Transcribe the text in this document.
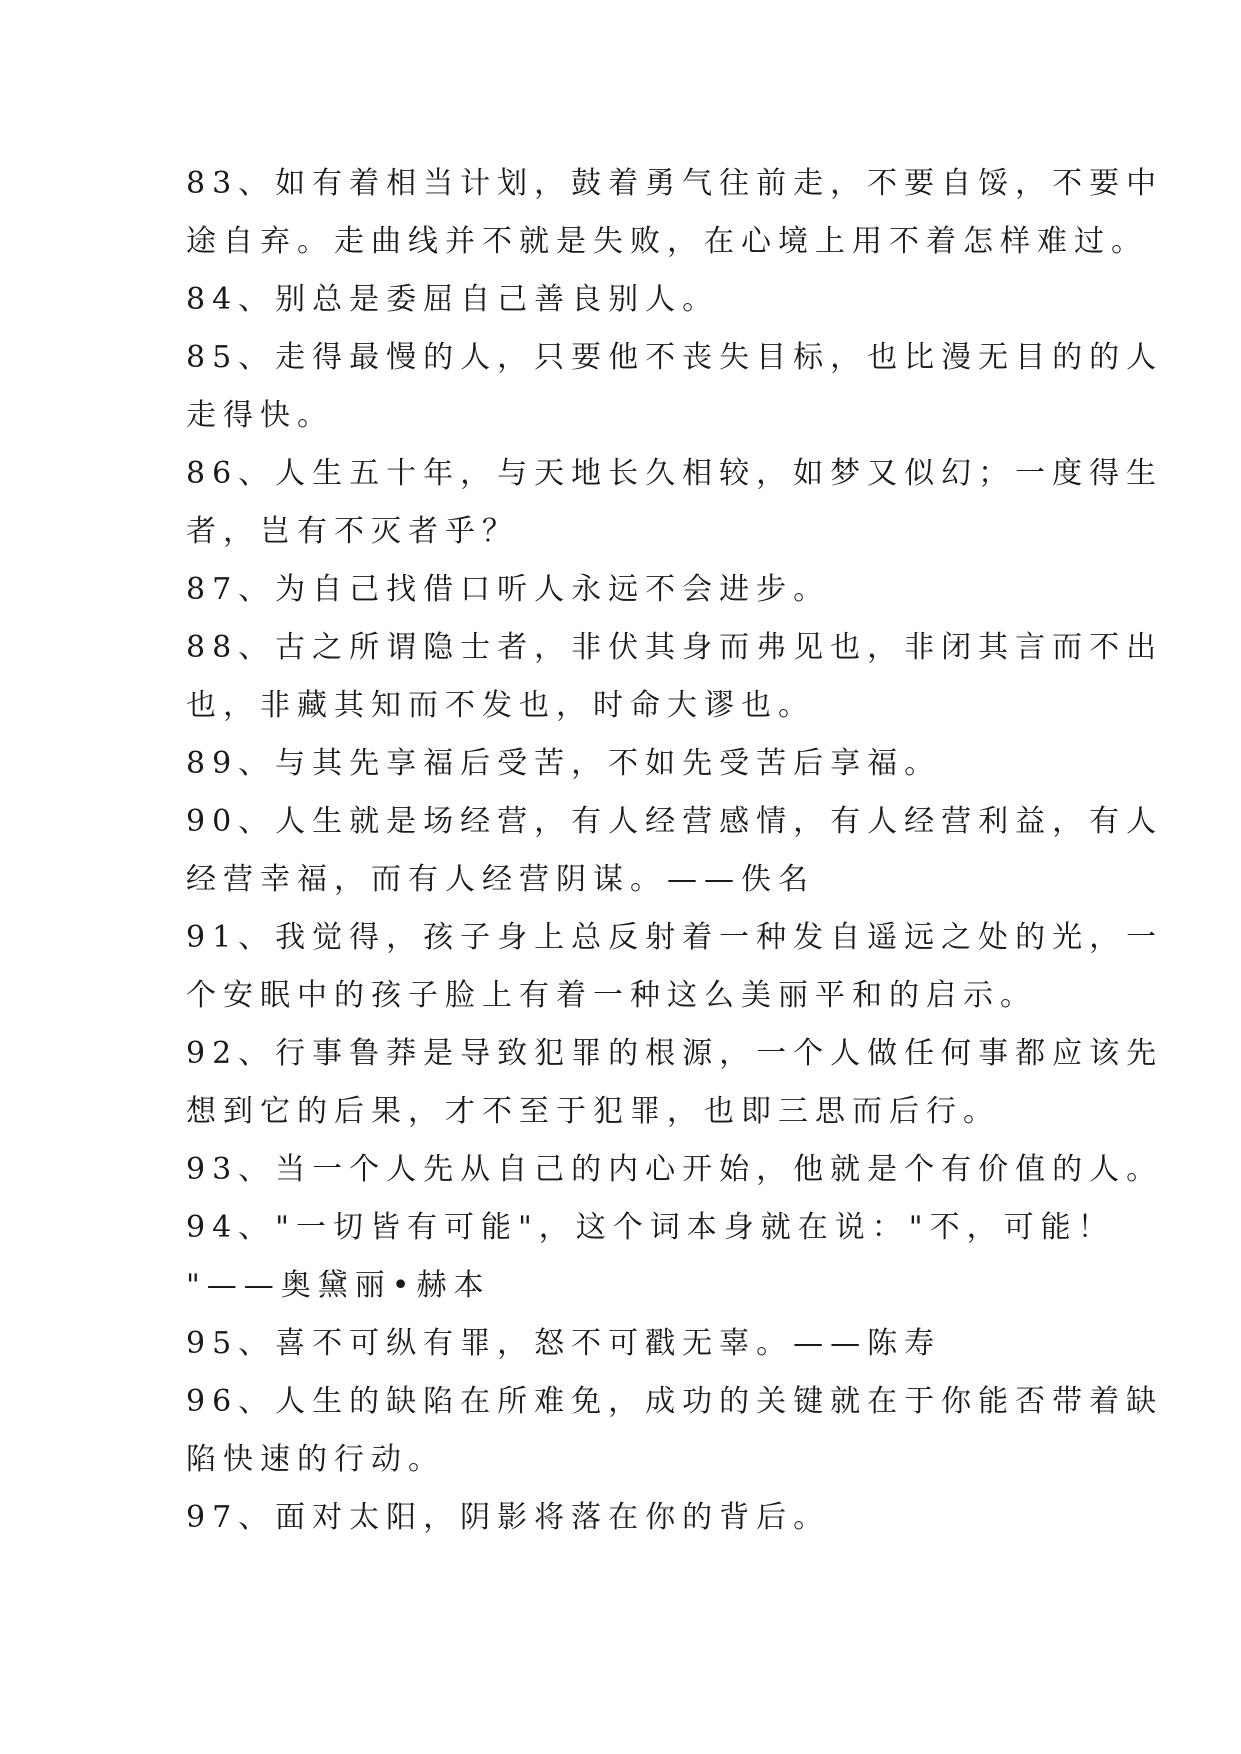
83、如有着相当计划，鼓着勇气往前走，不要自馁，不要中

途自弃。走曲线并不就是失败，在心境上用不着怎样难过。

84、别总是委屈自己善良别人。

85、走得最慢的人，只要他不丧失目标，也比漫无目的的人

走得快。

86、人生五十年，与天地长久相较，如梦又似幻；一度得生

者，岂有不灭者乎？

87、为自己找借口听人永远不会进步。

88、古之所谓隐士者，非伏其身而弗见也，非闭其言而不出

也，非藏其知而不发也，时命大谬也。

89、与其先享福后受苦，不如先受苦后享福。

90、人生就是场经营，有人经营感情，有人经营利益，有人

经营幸福，而有人经营阴谋。——佚名

91、我觉得，孩子身上总反射着一种发自遥远之处的光，一

个安眠中的孩子脸上有着一种这么美丽平和的启示。

92、行事鲁莽是导致犯罪的根源，一个人做任何事都应该先

想到它的后果，才不至于犯罪，也即三思而后行。

93、当一个人先从自己的内心开始，他就是个有价值的人。

94、"一切皆有可能"，这个词本身就在说："不，可能！

"——奥黛丽•赫本

95、喜不可纵有罪，怒不可戳无辜。——陈寿

96、人生的缺陷在所难免，成功的关键就在于你能否带着缺

陷快速的行动。

97、面对太阳，阴影将落在你的背后。
